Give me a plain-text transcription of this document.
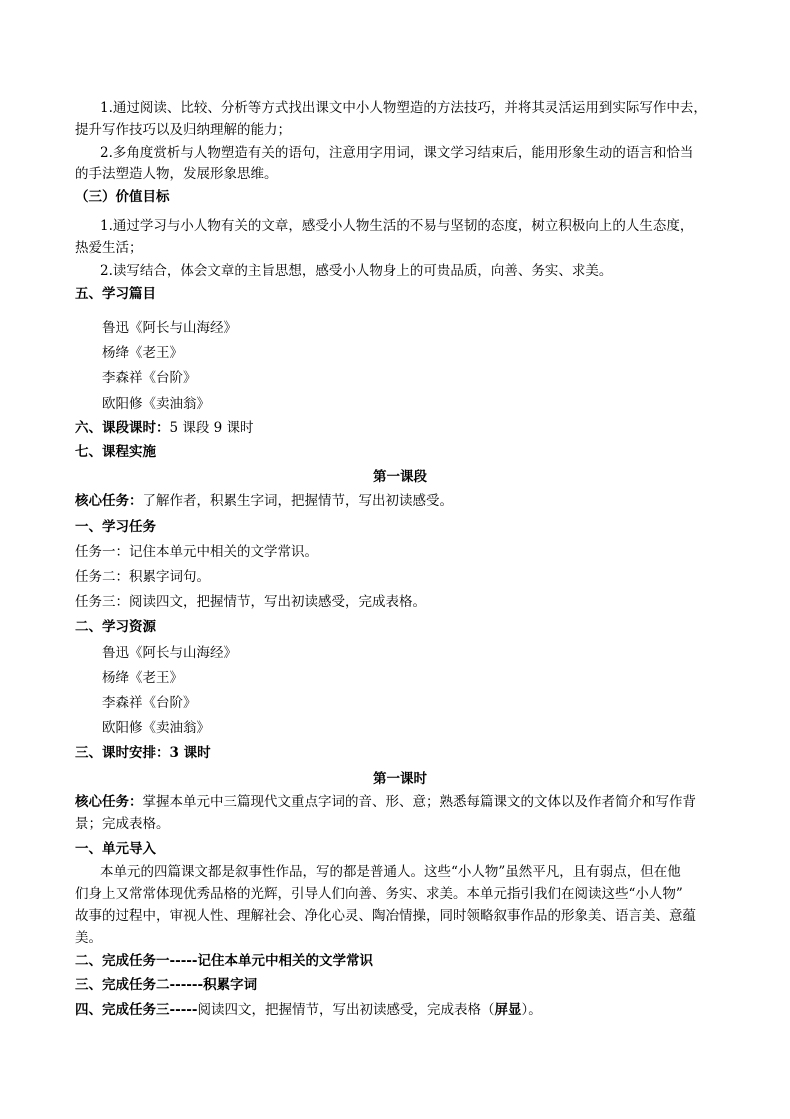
1.通过阅读、比较、分析等方式找出课文中小人物塑造的方法技巧，并将其灵活运用到实际写作中去，
提升写作技巧以及归纳理解的能力；
2.多角度赏析与人物塑造有关的语句，注意用字用词，课文学习结束后，能用形象生动的语言和恰当
的手法塑造人物，发展形象思维。
（三）价值目标
1.通过学习与小人物有关的文章，感受小人物生活的不易与坚韧的态度，树立积极向上的人生态度，
热爱生活；
2.读写结合，体会文章的主旨思想，感受小人物身上的可贵品质，向善、务实、求美。
五、学习篇目
鲁迅《阿长与山海经》
杨绛《老王》
李森祥《台阶》
欧阳修《卖油翁》
六、课段课时：5 课段 9 课时
七、课程实施
第一课段
核心任务：了解作者，积累生字词，把握情节，写出初读感受。
一、学习任务
任务一：记住本单元中相关的文学常识。
任务二：积累字词句。
任务三：阅读四文，把握情节，写出初读感受，完成表格。
二、学习资源
鲁迅《阿长与山海经》
杨绛《老王》
李森祥《台阶》
欧阳修《卖油翁》
三、课时安排：3 课时
第一课时
核心任务：掌握本单元中三篇现代文重点字词的音、形、意；熟悉每篇课文的文体以及作者简介和写作背
景；完成表格。
一、单元导入
本单元的四篇课文都是叙事性作品，写的都是普通人。这些“小人物”虽然平凡，且有弱点，但在他
们身上又常常体现优秀品格的光辉，引导人们向善、务实、求美。本单元指引我们在阅读这些“小人物”
故事的过程中，审视人性、理解社会、净化心灵、陶冶情操，同时领略叙事作品的形象美、语言美、意蕴
美。
二、完成任务一-----记住本单元中相关的文学常识
三、完成任务二------积累字词
四、完成任务三-----阅读四文，把握情节，写出初读感受，完成表格（屏显）。
